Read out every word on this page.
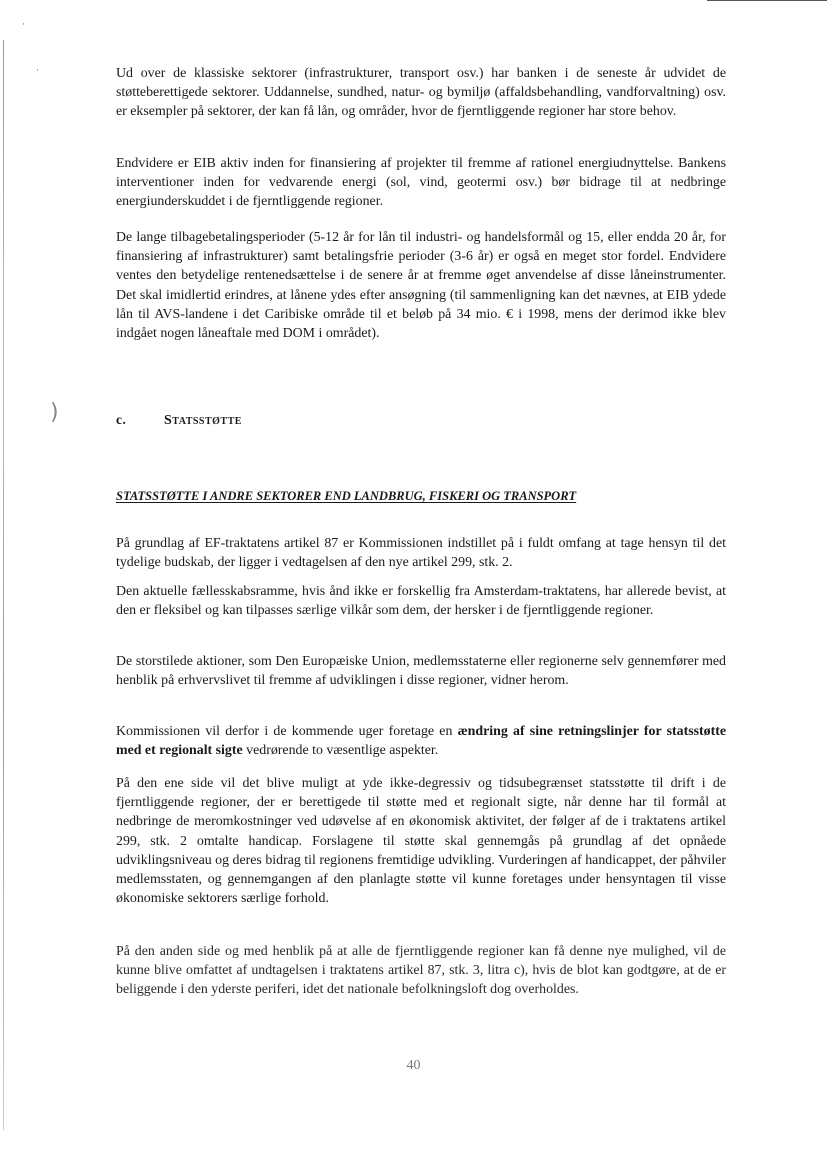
·
·
)

Ud over de klassiske sektorer (infrastrukturer, transport osv.) har banken i de seneste år udvidet de støtteberettigede sektorer. Uddannelse, sundhed, natur- og bymiljø (affaldsbehandling, vandforvaltning) osv. er eksempler på sektorer, der kan få lån, og områder, hvor de fjerntliggende regioner har store behov.

Endvidere er EIB aktiv inden for finansiering af projekter til fremme af rationel energiudnyttelse. Bankens interventioner inden for vedvarende energi (sol, vind, geotermi osv.) bør bidrage til at nedbringe energiunderskuddet i de fjerntliggende regioner.

De lange tilbagebetalingsperioder (5-12 år for lån til industri- og handelsformål og 15, eller endda 20 år, for finansiering af infrastrukturer) samt betalingsfrie perioder (3-6 år) er også en meget stor fordel. Endvidere ventes den betydelige rentenedsættelse i de senere år at fremme øget anvendelse af disse låneinstrumenter. Det skal imidlertid erindres, at lånene ydes efter ansøgning (til sammenligning kan det nævnes, at EIB ydede lån til AVS-landene i det Caribiske område til et beløb på 34 mio. € i 1998, mens der derimod ikke blev indgået nogen låneaftale med DOM i området).

c.	Statsstøtte
STATSSTØTTE I ANDRE SEKTORER END LANDBRUG, FISKERI OG TRANSPORT

På grundlag af EF-traktatens artikel 87 er Kommissionen indstillet på i fuldt omfang at tage hensyn til det tydelige budskab, der ligger i vedtagelsen af den nye artikel 299, stk. 2.

Den aktuelle fællesskabsramme, hvis ånd ikke er forskellig fra Amsterdam-traktatens, har allerede bevist, at den er fleksibel og kan tilpasses særlige vilkår som dem, der hersker i de fjerntliggende regioner.

De storstilede aktioner, som Den Europæiske Union, medlemsstaterne eller regionerne selv gennemfører med henblik på erhvervslivet til fremme af udviklingen i disse regioner, vidner herom.

Kommissionen vil derfor i de kommende uger foretage en ændring af sine retningslinjer for statsstøtte med et regionalt sigte vedrørende to væsentlige aspekter.

På den ene side vil det blive muligt at yde ikke-degressiv og tidsubegrænset statsstøtte til drift i de fjerntliggende regioner, der er berettigede til støtte med et regionalt sigte, når denne har til formål at nedbringe de meromkostninger ved udøvelse af en økonomisk aktivitet, der følger af de i traktatens artikel 299, stk. 2 omtalte handicap. Forslagene til støtte skal gennemgås på grundlag af det opnåede udviklingsniveau og deres bidrag til regionens fremtidige udvikling. Vurderingen af handicappet, der påhviler medlemsstaten, og gennemgangen af den planlagte støtte vil kunne foretages under hensyntagen til visse økonomiske sektorers særlige forhold.

På den anden side og med henblik på at alle de fjerntliggende regioner kan få denne nye mulighed, vil de kunne blive omfattet af undtagelsen i traktatens artikel 87, stk. 3, litra c), hvis de blot kan godtgøre, at de er beliggende i den yderste periferi, idet det nationale befolkningsloft dog overholdes.

40
